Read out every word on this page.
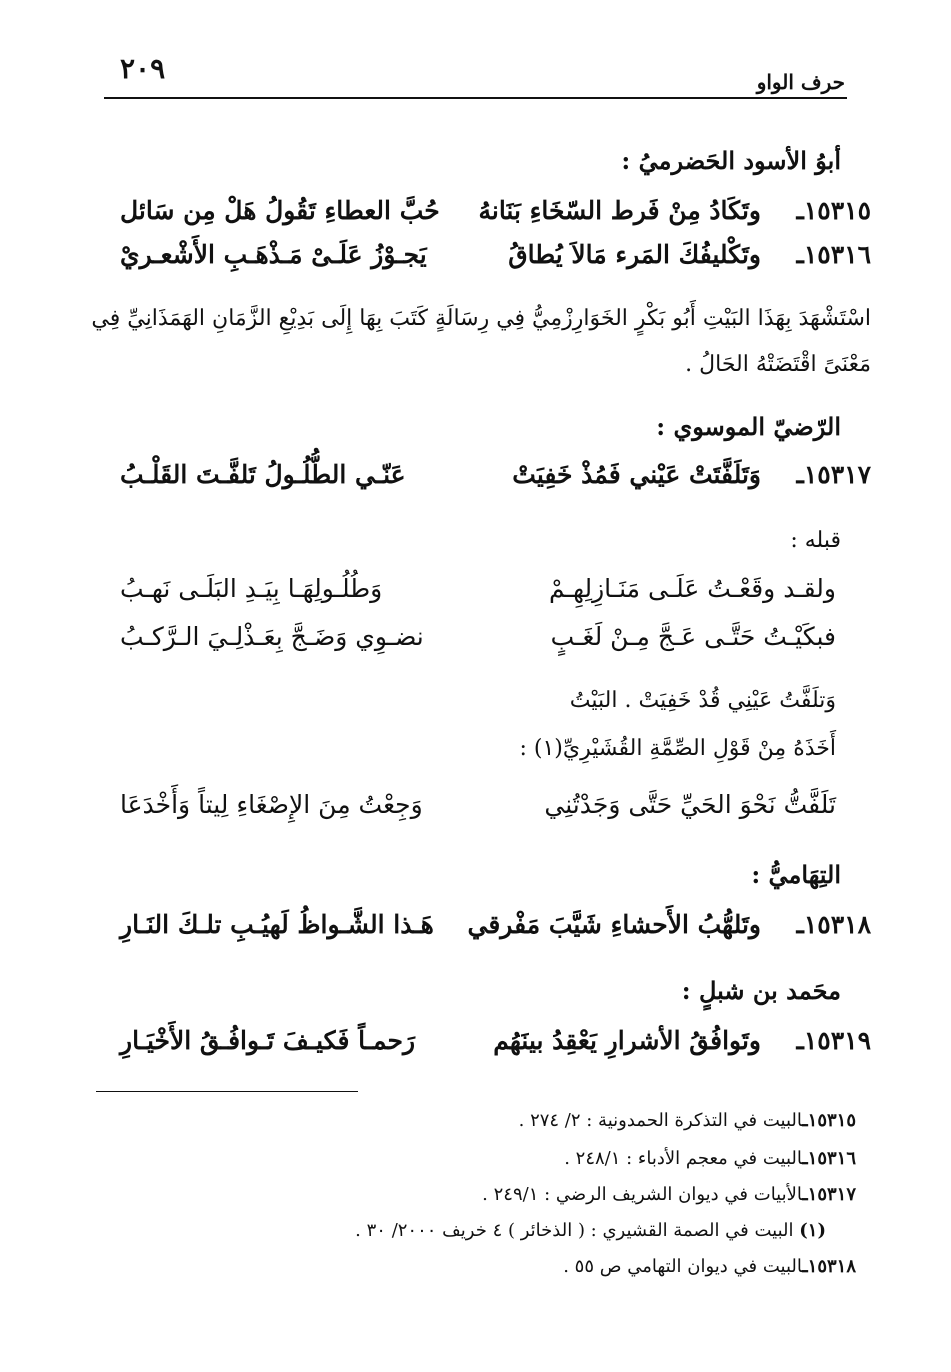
حرف الواو
٢٠٩
أبوُ الأسود الحَضرميُ :
١٥٣١٥ـ
وتَكَادُ مِنْ فَرط السّخَاءِ بَنَانهُ
حُبَّ العطاءِ تَقُولُ هَلْ مِن سَائل
١٥٣١٦ـ
وتَكْليفُكَ المَرء مَالاَ يُطاقُ
يَجـوْزُ عَلَـىْ مَـذْهَـبِ الأَشْعـريْ
اسْتَشْهَدَ بِهَذَا البَيْتِ أَبُو بَكْرٍ الخَوَارِزْمِيُّ فِي رِسَالَةٍ كَتَبَ بِهَا إِلَى بَدِيْعِ الزَّمَانِ الهَمَذَانِيِّ فِي مَعْنَىً اقْتَضَتْهُ الحَالُ .
الرّضيّ الموسوي :
١٥٣١٧ـ
وَتَلَفَّتَتْ عَيْني فَمُذْ خَفِيَتْ
عَنّـي الطُّلُـولُ تَلفَّـتَ القَلْـبُ
قبله :
ولقـد وقَعْـتُ عَلَـى مَنَـازِلِهِـمْ
وَطُلُـولِهَـا بِيَـدِ البَلَـى نَهـبُ
فبكَيْـتُ حَتَّـى عَـجَّ مِـنْ لَغَـبٍ
نضـوِي وَضَـجَّ بِعَـذْلِـيَ الـرَّكـبُ
وَتلَفَّتُ عَيْنِي قُدْ خَفِيَتْ . البَيْتُ
أَخَذَهُ مِنْ قَوْلِ الصِّمَّةِ القُشَيْرِيِّ(١) :
تَلَفَّتُّ نَحْوَ الحَيِّ حَتَّى وَجَدْتُنِي
وَجِعْتُ مِنَ الإِصْغَاءِ لِيتاً وَأَخْدَعَا
التِهَاميُّ :
١٥٣١٨ـ
وتَلهُّبُ الأَحشاءِ شَيَّبَ مَفْرقي
هَـذا الشَّـواظُ لَهيُـبِ تلـكَ النَـارِ
محَمد بن شبلٍ :
١٥٣١٩ـ
وتَوافُقُ الأشرارِ يَعْقِدُ بينَهُم
رَحمـاً فَكيـفَ تَـوافُـقُ الأَخْيَـارِ
١٥٣١٥ـالبيت في التذكرة الحمدونية : ٢/ ٢٧٤ .
١٥٣١٦ـالبيت في معجم الأدباء : ٢٤٨/١ .
١٥٣١٧ـالأبيات في ديوان الشريف الرضي : ٢٤٩/١ .
(١) البيت في الصمة القشيري : ( الذخائر ) ٤ خريف ٢٠٠٠/ ٣٠ .
١٥٣١٨ـالبيت في ديوان التهامي ص ٥٥ .
